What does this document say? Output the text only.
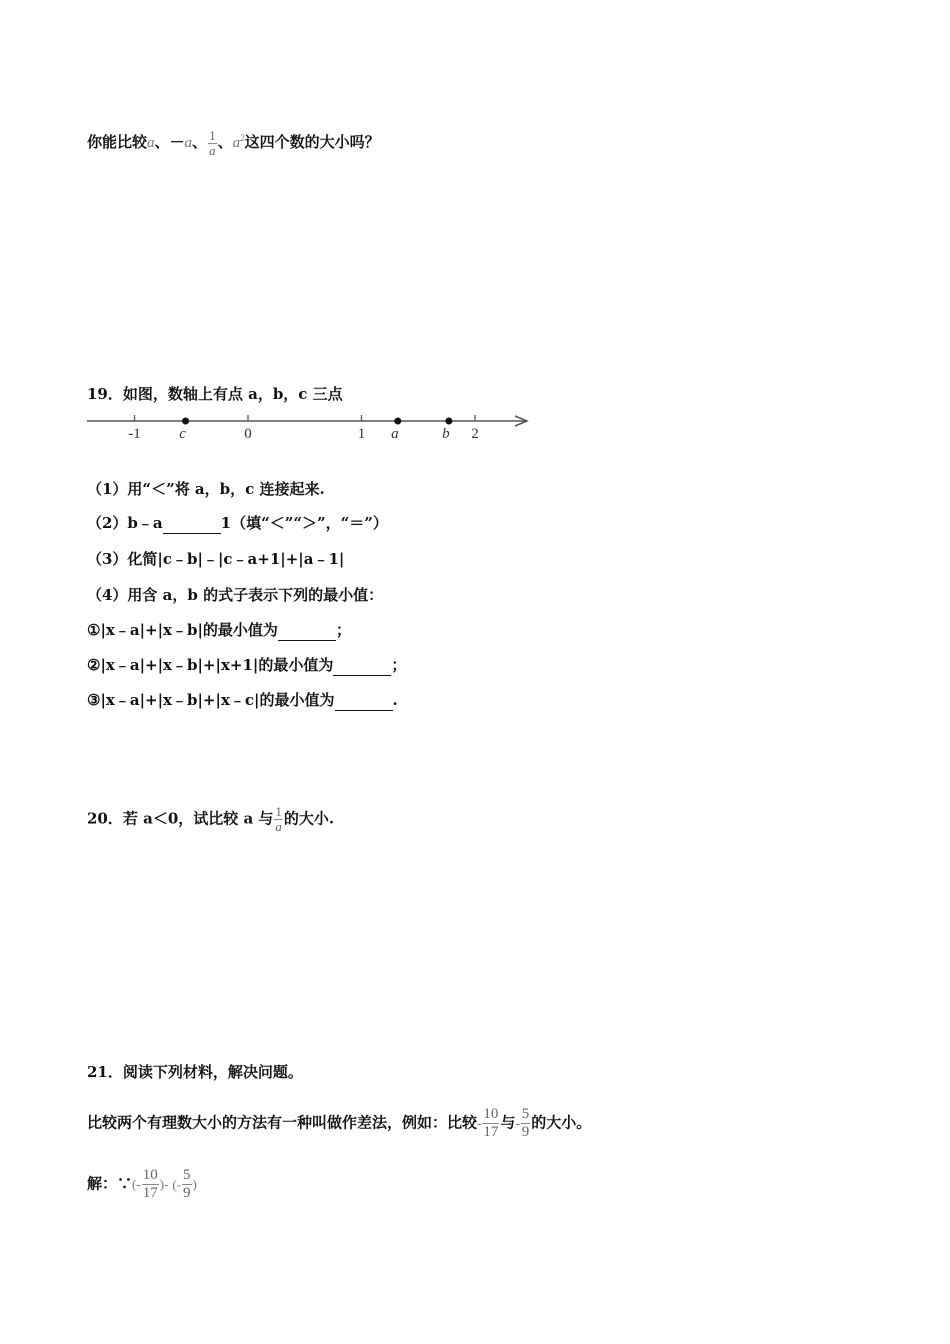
你能比较a、－a、 $\frac{1}{a}$ 、$a^2$这四个数的大小吗？
19．如图，数轴上有点 a，b，c 三点
-1	0	1	2
c	a	b
（1）用“＜”将 a，b，c 连接起来.
（2）b﹣a	1（填“＜”“＞”，“＝”）
（3）化简|c﹣b|﹣|c﹣a+1|+|a﹣1|
（4）用含 a，b 的式子表示下列的最小值：
①|x﹣a|+|x﹣b|的最小值为	；
②|x﹣a|+|x﹣b|+|x+1|的最小值为	；
③|x﹣a|+|x﹣b|+|x﹣c|的最小值为	.
20．若 a＜0，试比较 a 与 $\frac{1}{a}$ 的大小.
21．阅读下列材料，解决问题。
比较两个有理数大小的方法有一种叫做作差法，例如：比较- $\frac{10}{17}$ 与- $\frac{5}{9}$ 的大小。
解：∵(- $\frac{10}{17}$ )- (- $\frac{5}{9}$ )
